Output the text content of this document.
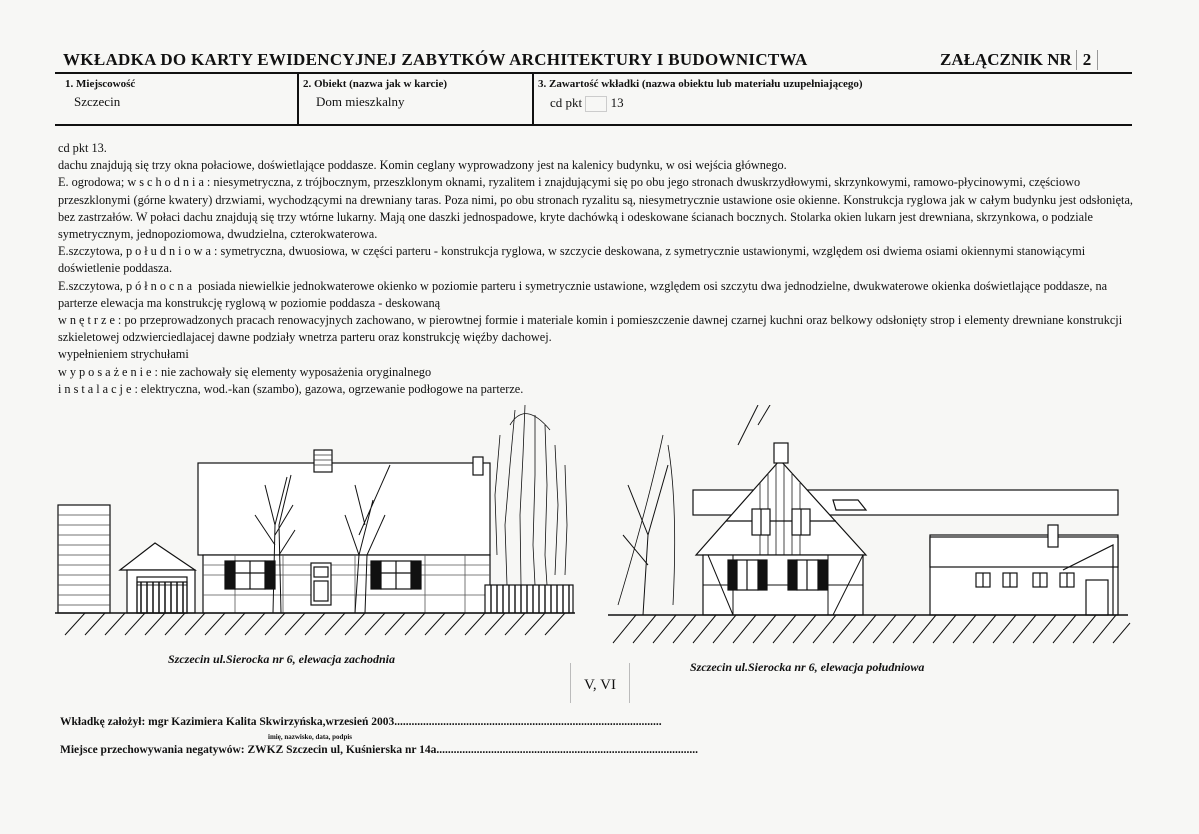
WKŁADKA DO KARTY EWIDENCYJNEJ ZABYTKÓW ARCHITEKTURY I BUDOWNICTWA	ZAŁĄCZNIK NR 2
1. Miejscowość
Szczecin
2. Obiekt (nazwa jak w karcie)
Dom mieszkalny
3. Zawartość wkładki (nazwa obiektu lub materiału uzupełniającego)
cd pkt 13

cd pkt 13.

dachu znajdują się trzy okna połaciowe, doświetlające poddasze. Komin ceglany wyprowadzony jest na kalenicy budynku, w osi wejścia głównego.

E. ogrodowa; wschodnia: niesymetryczna, z trójbocznym, przeszklonym oknami, ryzalitem i znajdującymi się po obu jego stronach dwuskrzydłowymi, skrzynkowymi, ramowo-płycinowymi, częściowo przeszklonymi (górne kwatery) drzwiami, wychodzącymi na drewniany taras. Poza nimi, po obu stronach ryzalitu są, niesymetrycznie ustawione osie okienne. Konstrukcja ryglowa jak w całym budynku jest odsłonięta, bez zastrzałów. W połaci dachu znajdują się trzy wtórne lukarny. Mają one daszki jednospadowe, kryte dachówką i odeskowane ścianach bocznych. Stolarka okien lukarn jest drewniana, skrzynkowa, o podziale symetrycznym, jednopoziomowa, dwudzielna, czterokwaterowa.

E.szczytowa, południowa: symetryczna, dwuosiowa, w części parteru - konstrukcja ryglowa, w szczycie deskowana, z symetrycznie ustawionymi, względem osi dwiema osiami okiennymi stanowiącymi doświetlenie poddasza.

E.szczytowa, północna posiada niewielkie jednokwaterowe okienko w poziomie parteru i symetrycznie ustawione, względem osi szczytu dwa jednodzielne, dwukwaterowe okienka doświetlające poddasze, na parterze elewacja ma konstrukcję ryglową w poziomie poddasza - deskowaną

wnętrze: po przeprowadzonych pracach renowacyjnych zachowano, w pierowtnej formie i materiale komin i pomieszczenie dawnej czarnej kuchni oraz belkowy odsłonięty strop i elementy drewniane konstrukcji szkieletowej odzwierciedlajacej dawne podziały wnetrza parteru oraz konstrukcję więźby dachowej.

wypełnieniem strychułami

wyposażenie: nie zachowały się elementy wyposażenia oryginalnego

instalacje: elektryczna, wod.-kan (szambo), gazowa, ogrzewanie podłogowe na parterze.

Szczecin ul.Sierocka nr 6, elewacja zachodnia
Szczecin ul.Sierocka nr 6, elewacja południowa
V, VI
Wkładkę założył: mgr Kazimiera Kalita Skwirzyńska,wrzesień 2003.............................................................................................
imię, nazwisko, data, podpis
Miejsce przechowywania negatywów: ZWKZ Szczecin ul, Kuśnierska nr 14a...........................................................................................
